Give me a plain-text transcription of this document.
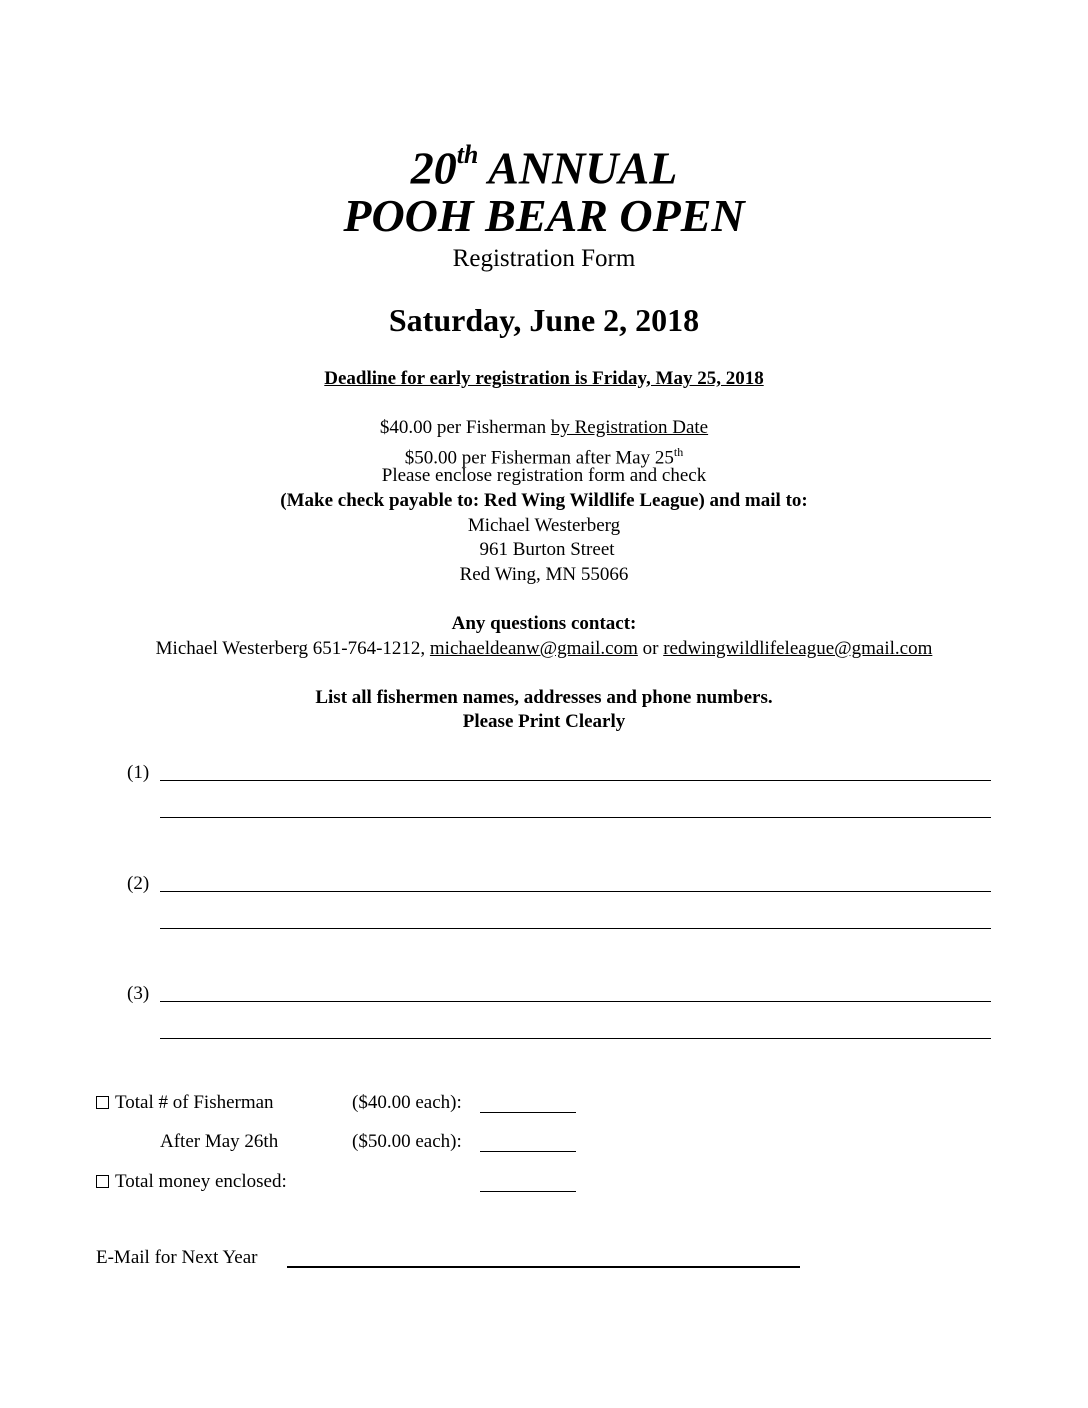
20th ANNUAL
POOH BEAR OPEN
Registration Form
Saturday, June 2, 2018
Deadline for early registration is Friday, May 25, 2018
$40.00 per Fisherman by Registration Date
$50.00 per Fisherman after May 25th
Please enclose registration form and check
(Make check payable to: Red Wing Wildlife League) and mail to:
Michael Westerberg
961 Burton Street
Red Wing, MN 55066
Any questions contact:
Michael Westerberg 651-764-1212, michaeldeanw@gmail.com or redwingwildlifeleague@gmail.com
List all fishermen names, addresses and phone numbers.
Please Print Clearly
(1)
(2)
(3)
Total # of Fisherman	($40.00 each):
After May 26th	($50.00 each):
Total money enclosed:
E-Mail for Next Year
